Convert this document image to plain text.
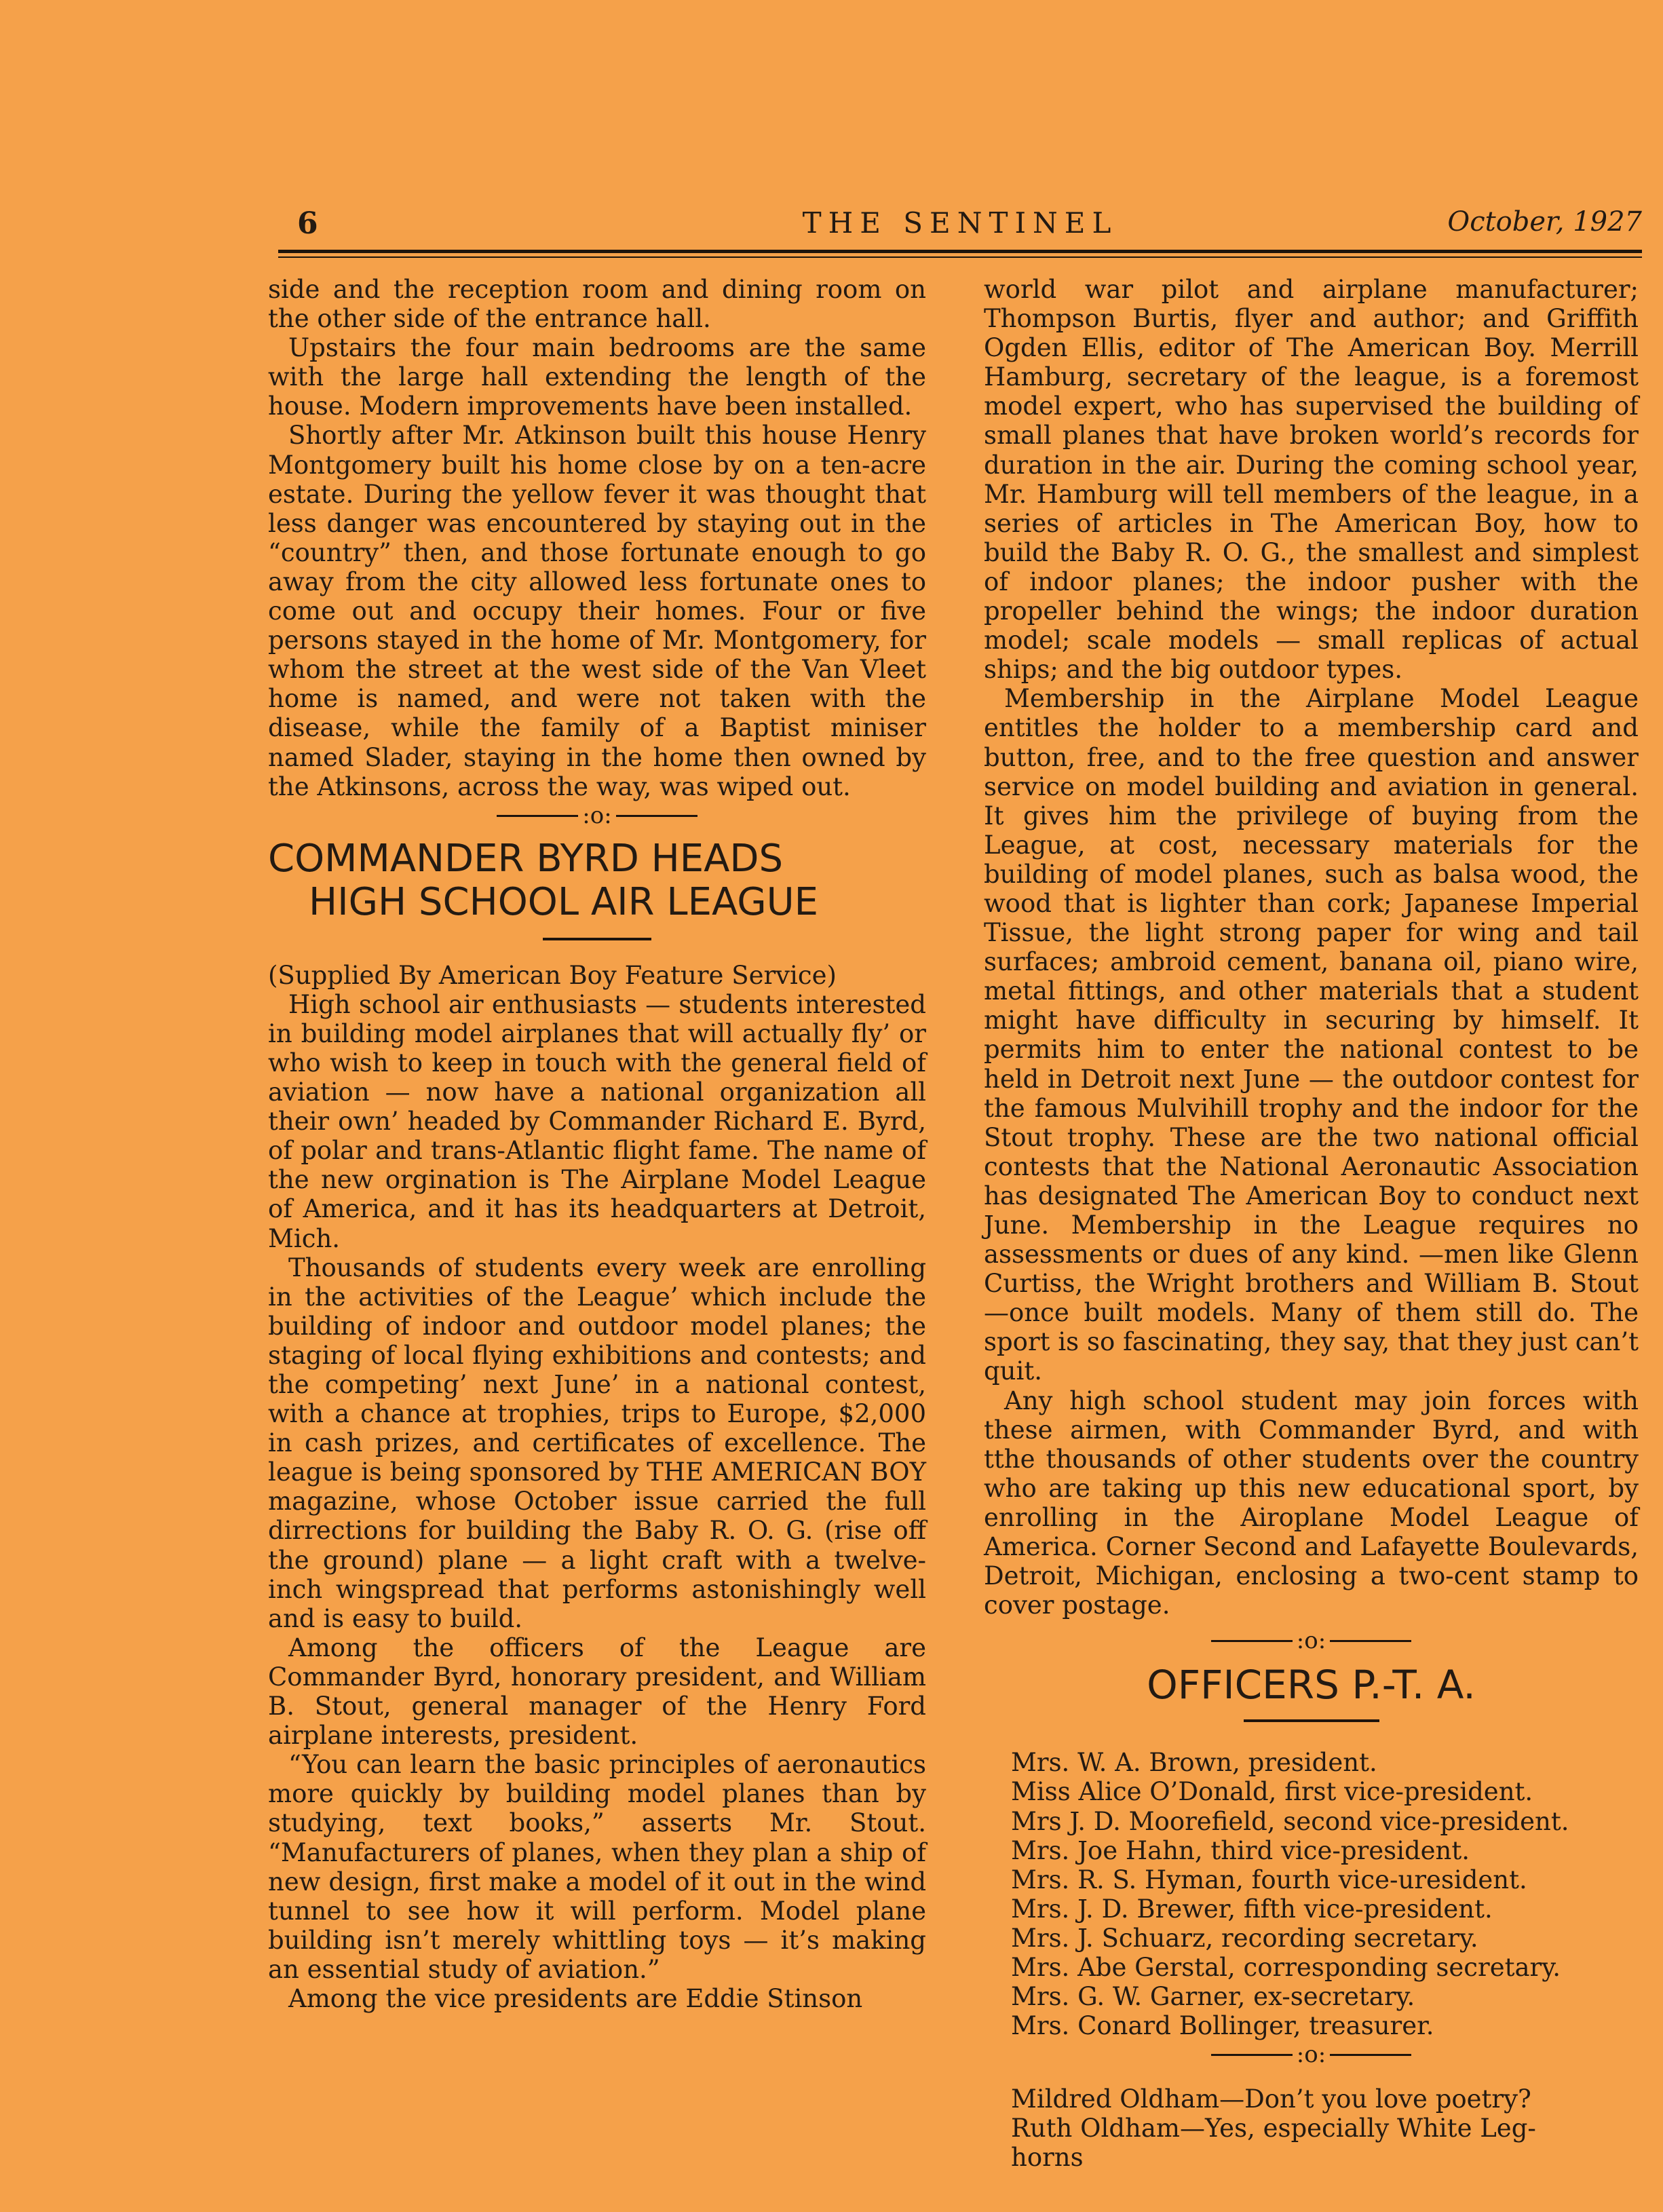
6	THE SENTINEL	October, 1927

side and the reception room and dining room on the other side of the entrance hall.

Upstairs the four main bedrooms are the same with the large hall extending the length of the house. Modern improvements have been installed.

Shortly after Mr. Atkinson built this house Henry Montgomery built his home close by on a ten-acre estate. During the yellow fever it was thought that less danger was encountered by staying out in the “country” then, and those fortunate enough to go away from the city allowed less fortunate ones to come out and occupy their homes. Four or five persons stayed in the home of Mr. Montgomery, for whom the street at the west side of the Van Vleet home is named, and were not taken with the disease, while the family of a Baptist miniser named Slader, staying in the home then owned by the Atkinsons, across the way, was wiped out.

:o:
COMMANDER BYRD HEADS
HIGH SCHOOL AIR LEAGUE

(Supplied By American Boy Feature Service)

High school air enthusiasts — students interested in building model airplanes that will actually fly’ or who wish to keep in touch with the general field of aviation — now have a national organization all their own’ headed by Commander Richard E. Byrd, of polar and trans-Atlantic flight fame. The name of the new orgination is The Airplane Model League of America, and it has its headquarters at Detroit, Mich.

Thousands of students every week are enrolling in the activities of the League’ which include the building of indoor and outdoor model planes; the staging of local flying exhibitions and contests; and the competing’ next June’ in a national contest, with a chance at trophies, trips to Europe, $2,000 in cash prizes, and certificates of excellence. The league is being sponsored by THE AMERICAN BOY magazine, whose October issue carried the full dirrections for building the Baby R. O. G. (rise off the ground) plane — a light craft with a twelve-inch wingspread that performs astonishingly well and is easy to build.

Among the officers of the League are Commander Byrd, honorary president, and William B. Stout, general manager of the Henry Ford airplane interests, president.

“You can learn the basic principles of aeronautics more quickly by building model planes than by studying, text books,” asserts Mr. Stout. “Manufacturers of planes, when they plan a ship of new design, first make a model of it out in the wind tunnel to see how it will perform. Model plane building isn’t merely whittling toys — it’s making an essential study of aviation.”

Among the vice presidents are Eddie Stinson

world war pilot and airplane manufacturer; Thompson Burtis, flyer and author; and Griffith Ogden Ellis, editor of The American Boy. Merrill Hamburg, secretary of the league, is a foremost model expert, who has supervised the building of small planes that have broken world’s records for duration in the air. During the coming school year, Mr. Hamburg will tell members of the league, in a series of articles in The American Boy, how to build the Baby R. O. G., the smallest and simplest of indoor planes; the indoor pusher with the propeller behind the wings; the indoor duration model; scale models — small replicas of actual ships; and the big outdoor types.

Membership in the Airplane Model League entitles the holder to a membership card and button, free, and to the free question and answer service on model building and aviation in general. It gives him the privilege of buying from the League, at cost, necessary materials for the building of model planes, such as balsa wood, the wood that is lighter than cork; Japanese Imperial Tissue, the light strong paper for wing and tail surfaces; ambroid cement, banana oil, piano wire, metal fittings, and other materials that a student might have difficulty in securing by himself. It permits him to enter the national contest to be held in Detroit next June — the outdoor contest for the famous Mulvihill trophy and the indoor for the Stout trophy. These are the two national official contests that the National Aeronautic Association has designated The American Boy to conduct next June. Membership in the League requires no assessments or dues of any kind. —men like Glenn Curtiss, the Wright brothers and William B. Stout—once built models. Many of them still do. The sport is so fascinating, they say, that they just can’t quit.

Any high school student may join forces with these airmen, with Commander Byrd, and with tthe thousands of other students over the country who are taking up this new educational sport, by enrolling in the Airoplane Model League of America. Corner Second and Lafayette Boulevards, Detroit, Michigan, enclosing a two-cent stamp to cover postage.

:o:
OFFICERS P.-T. A.
Mrs. W. A. Brown, president.
Miss Alice O’Donald, first vice-president.
Mrs J. D. Moorefield, second vice-president.
Mrs. Joe Hahn, third vice-president.
Mrs. R. S. Hyman, fourth vice-uresident.
Mrs. J. D. Brewer, fifth vice-president.
Mrs. J. Schuarz, recording secretary.
Mrs. Abe Gerstal, corresponding secretary.
Mrs. G. W. Garner, ex-secretary.
Mrs. Conard Bollinger, treasurer.
:o:

Mildred Oldham—Don’t you love poetry?

Ruth Oldham—Yes, especially White Leg-

horns
